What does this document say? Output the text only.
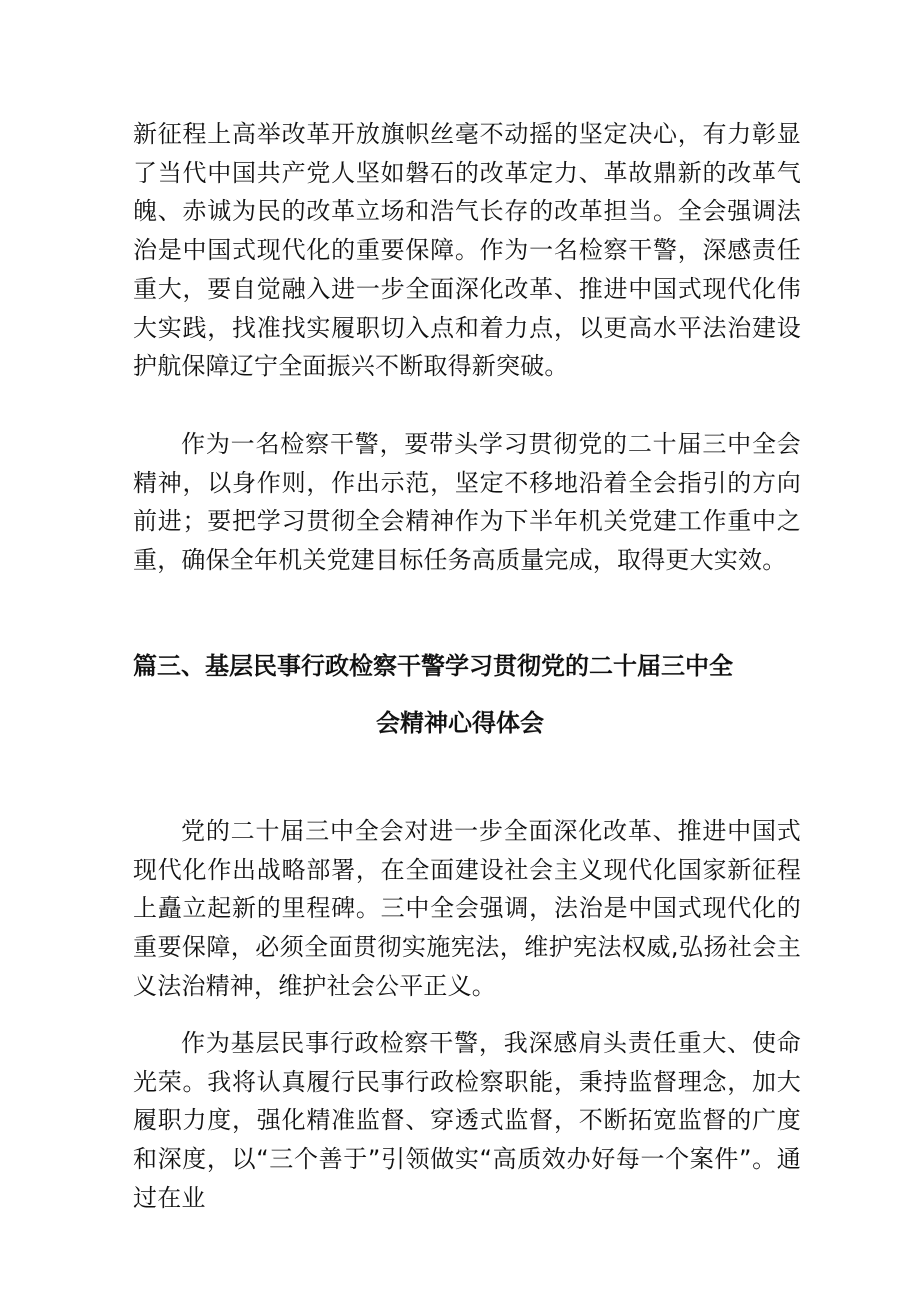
新征程上高举改革开放旗帜丝毫不动摇的坚定决心，有力彰显了当代中国共产党人坚如磐石的改革定力、革故鼎新的改革气魄、赤诚为民的改革立场和浩气长存的改革担当。全会强调法治是中国式现代化的重要保障。作为一名检察干警，深感责任重大，要自觉融入进一步全面深化改革、推进中国式现代化伟大实践，找准找实履职切入点和着力点，以更高水平法治建设护航保障辽宁全面振兴不断取得新突破。

作为一名检察干警，要带头学习贯彻党的二十届三中全会精神，以身作则，作出示范，坚定不移地沿着全会指引的方向前进；要把学习贯彻全会精神作为下半年机关党建工作重中之重，确保全年机关党建目标任务高质量完成，取得更大实效。

篇三、基层民事行政检察干警学习贯彻党的二十届三中全
会精神心得体会

党的二十届三中全会对进一步全面深化改革、推进中国式现代化作出战略部署，在全面建设社会主义现代化国家新征程上矗立起新的里程碑。三中全会强调，法治是中国式现代化的重要保障，必须全面贯彻实施宪法，维护宪法权威,弘扬社会主义法治精神，维护社会公平正义。

作为基层民事行政检察干警，我深感肩头责任重大、使命光荣。我将认真履行民事行政检察职能，秉持监督理念，加大履职力度，强化精准监督、穿透式监督，不断拓宽监督的广度和深度，以“三个善于”引领做实“高质效办好每一个案件”。通过在业
